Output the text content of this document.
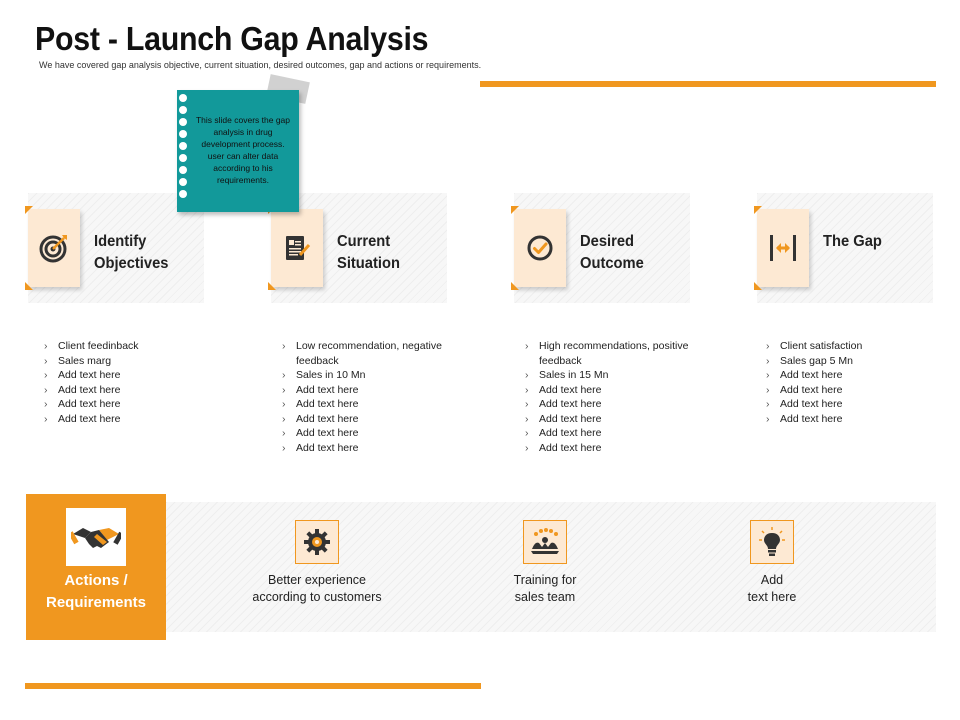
Post - Launch Gap Analysis
We have covered gap analysis objective, current situation, desired outcomes, gap and actions or requirements.
Identify Objectives
Current Situation
Desired Outcome
The Gap
This slide covers the gap analysis in drug development process. user can alter data according to his requirements.
› Client feedinback
› Sales marg
› Add text here
› Add text here
› Add text here
› Add text here
› Low recommendation, negative feedback
› Sales in 10 Mn
› Add text here
› Add text here
› Add text here
› Add text here
› Add text here
› High recommendations, positive feedback
› Sales in 15 Mn
› Add text here
› Add text here
› Add text here
› Add text here
› Add text here
› Client satisfaction
› Sales gap 5 Mn
› Add text here
› Add text here
› Add text here
› Add text here
Actions / Requirements
Better experience
according to customers
Training for
sales team
Add
text here
